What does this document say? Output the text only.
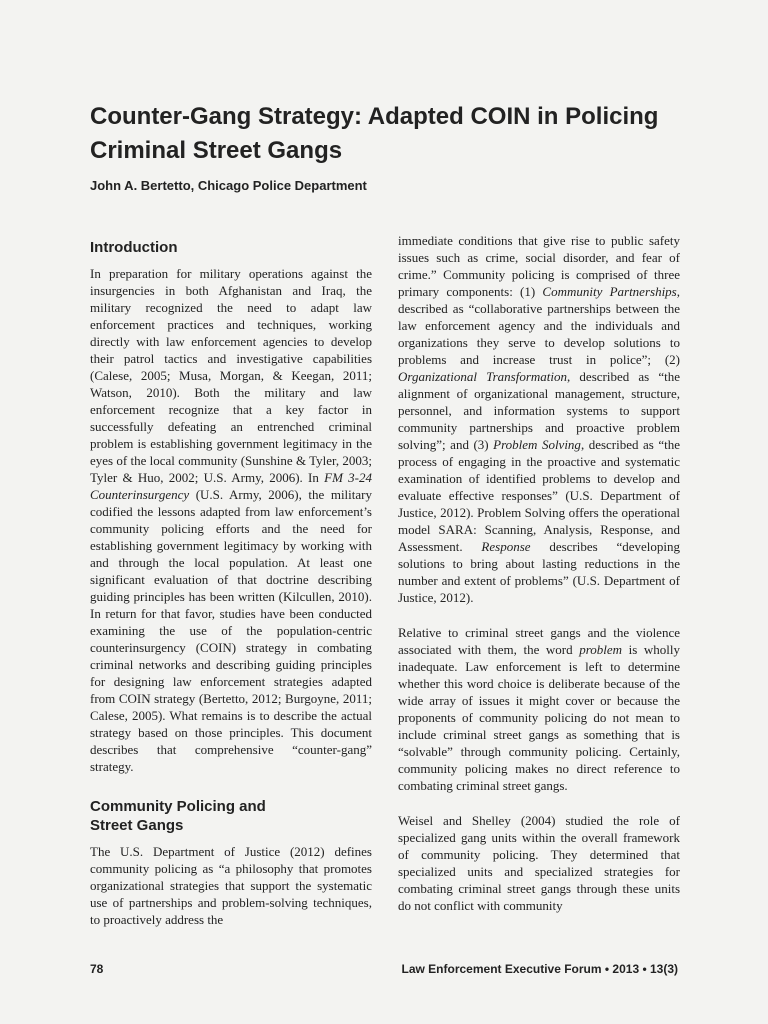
Counter-Gang Strategy: Adapted COIN in Policing Criminal Street Gangs
John A. Bertetto, Chicago Police Department
Introduction

In preparation for military operations against the insurgencies in both Afghanistan and Iraq, the military recognized the need to adapt law enforcement practices and techniques, working directly with law enforcement agencies to develop their patrol tactics and investigative capabilities (Calese, 2005; Musa, Morgan, & Keegan, 2011; Watson, 2010). Both the military and law enforcement recognize that a key factor in successfully defeating an entrenched criminal problem is establishing government legitimacy in the eyes of the local community (Sunshine & Tyler, 2003; Tyler & Huo, 2002; U.S. Army, 2006). In FM 3-24 Counterinsurgency (U.S. Army, 2006), the military codified the lessons adapted from law enforcement’s community policing efforts and the need for establishing government legitimacy by working with and through the local population. At least one significant evaluation of that doctrine describing guiding principles has been written (Kilcullen, 2010). In return for that favor, studies have been conducted examining the use of the population-centric counterinsurgency (COIN) strategy in combating criminal networks and describing guiding principles for designing law enforcement strategies adapted from COIN strategy (Bertetto, 2012; Burgoyne, 2011; Calese, 2005). What remains is to describe the actual strategy based on those principles. This document describes that comprehensive “counter-gang” strategy.

Community Policing and
Street Gangs

The U.S. Department of Justice (2012) defines community policing as “a philosophy that promotes organizational strategies that support the systematic use of partnerships and problem-solving techniques, to proactively address the

immediate conditions that give rise to public safety issues such as crime, social disorder, and fear of crime.” Community policing is comprised of three primary components: (1) Community Partnerships, described as “collaborative partnerships between the law enforcement agency and the individuals and organizations they serve to develop solutions to problems and increase trust in police”; (2) Organizational Transformation, described as “the alignment of organizational management, structure, personnel, and information systems to support community partnerships and proactive problem solving”; and (3) Problem Solving, described as “the process of engaging in the proactive and systematic examination of identified problems to develop and evaluate effective responses” (U.S. Department of Justice, 2012). Problem Solving offers the operational model SARA: Scanning, Analysis, Response, and Assessment. Response describes “developing solutions to bring about lasting reductions in the number and extent of problems” (U.S. Department of Justice, 2012).

Relative to criminal street gangs and the violence associated with them, the word problem is wholly inadequate. Law enforcement is left to determine whether this word choice is deliberate because of the wide array of issues it might cover or because the proponents of community policing do not mean to include criminal street gangs as something that is “solvable” through community policing. Certainly, community policing makes no direct reference to combating criminal street gangs.

Weisel and Shelley (2004) studied the role of specialized gang units within the overall framework of community policing. They determined that specialized units and specialized strategies for combating criminal street gangs through these units do not conflict with community

78	Law Enforcement Executive Forum • 2013 • 13(3)
